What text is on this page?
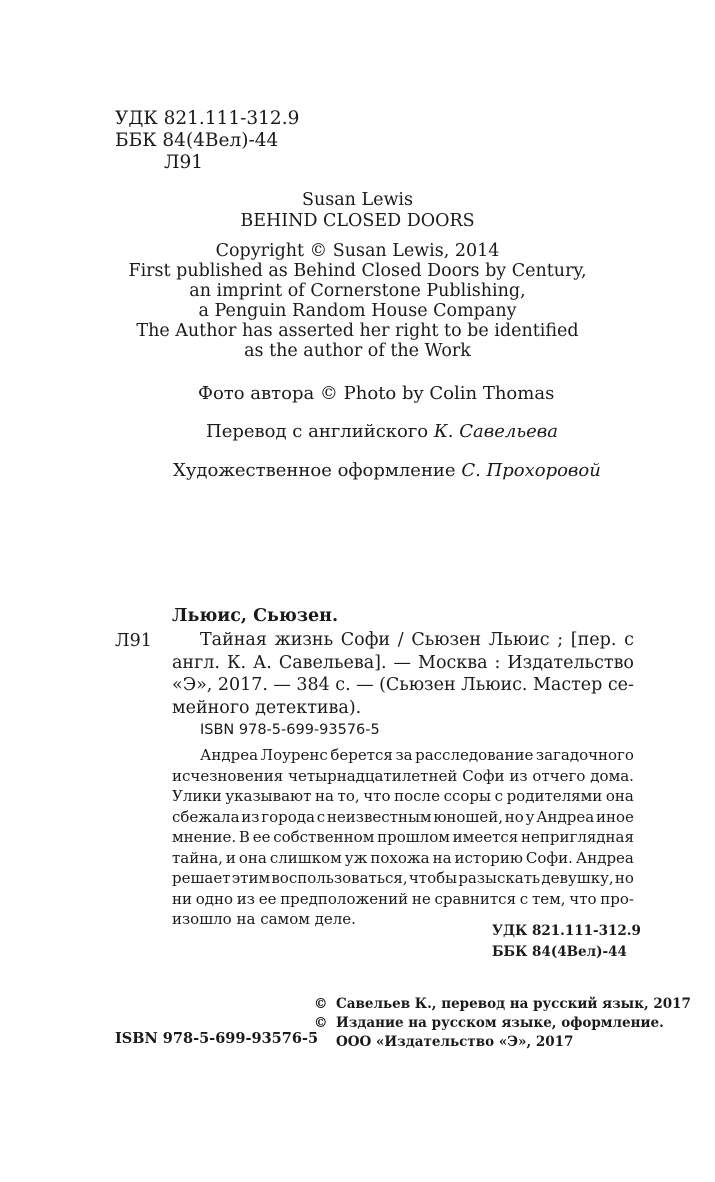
УДК 821.111-312.9
ББК 84(4Вел)-44
Л91
Susan Lewis
BEHIND CLOSED DOORS
Copyright © Susan Lewis, 2014
First published as Behind Closed Doors by Century,
an imprint of Cornerstone Publishing,
a Penguin Random House Company
The Author has asserted her right to be identified
as the author of the Work
Фото автора © Photo by Colin Thomas
Перевод с английского К. Савельева
Художественное оформление С. Прохоровой
Льюис, Сьюзен.
Л91	Тайная жизнь Софи / Сьюзен Льюис ; [пер. с
англ. К. А. Савельева]. — Москва : Издательство
«Э», 2017. — 384 с. — (Сьюзен Льюис. Мастер се-
мейного детектива).
ISBN 978-5-699-93576-5
Андреа Лоуренс берется за расследование загадочного
исчезновения четырнадцатилетней Софи из отчего дома.
Улики указывают на то, что после ссоры с родителями она
сбежала из города с неизвестным юношей, но у Андреа иное
мнение. В ее собственном прошлом имеется неприглядная
тайна, и она слишком уж похожа на историю Софи. Андреа
решает этим воспользоваться, чтобы разыскать девушку, но
ни одно из ее предположений не сравнится с тем, что про-
изошло на самом деле.
УДК 821.111-312.9
ББК 84(4Вел)-44
© Савельев К., перевод на русский язык, 2017
© Издание на русском языке, оформление.
ООО «Издательство «Э», 2017
ISBN 978-5-699-93576-5
